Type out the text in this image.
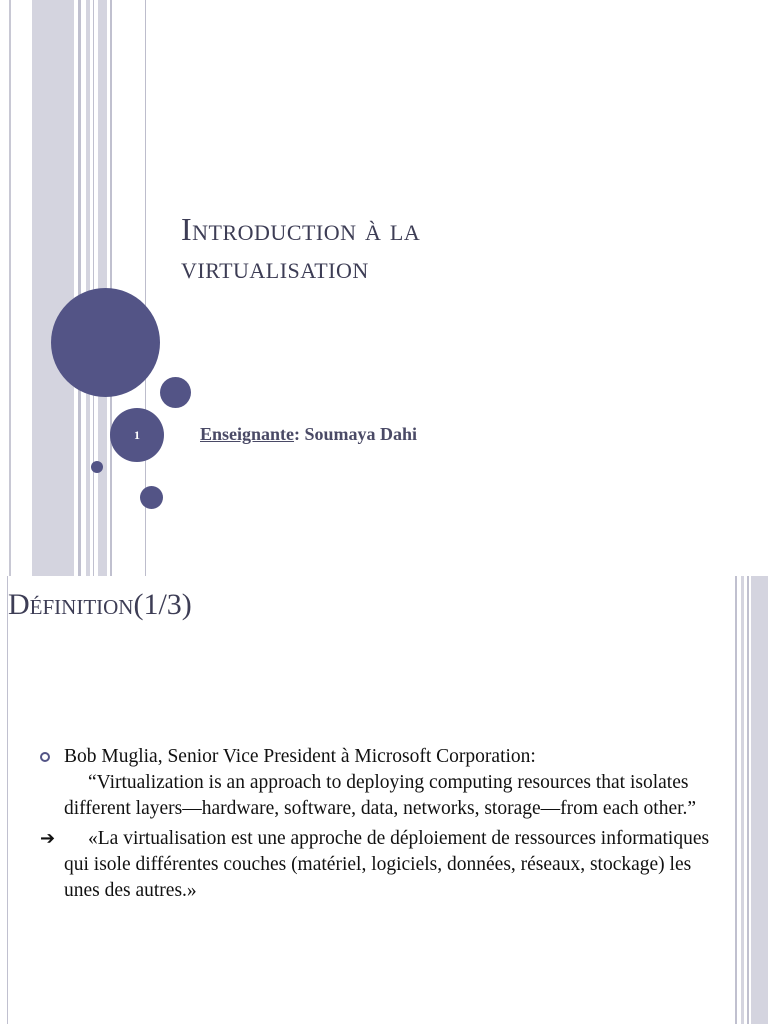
1
Introduction à la
virtualisation
Enseignante: Soumaya Dahi
Définition(1/3)
Bob Muglia, Senior Vice President à Microsoft Corporation:
“Virtualization is an approach to deploying computing resources that isolates different layers—hardware, software, data, networks, storage—from each other.”
➔	«La virtualisation est une approche de déploiement de ressources informatiques qui isole différentes couches (matériel, logiciels, données, réseaux, stockage) les unes des autres.»
